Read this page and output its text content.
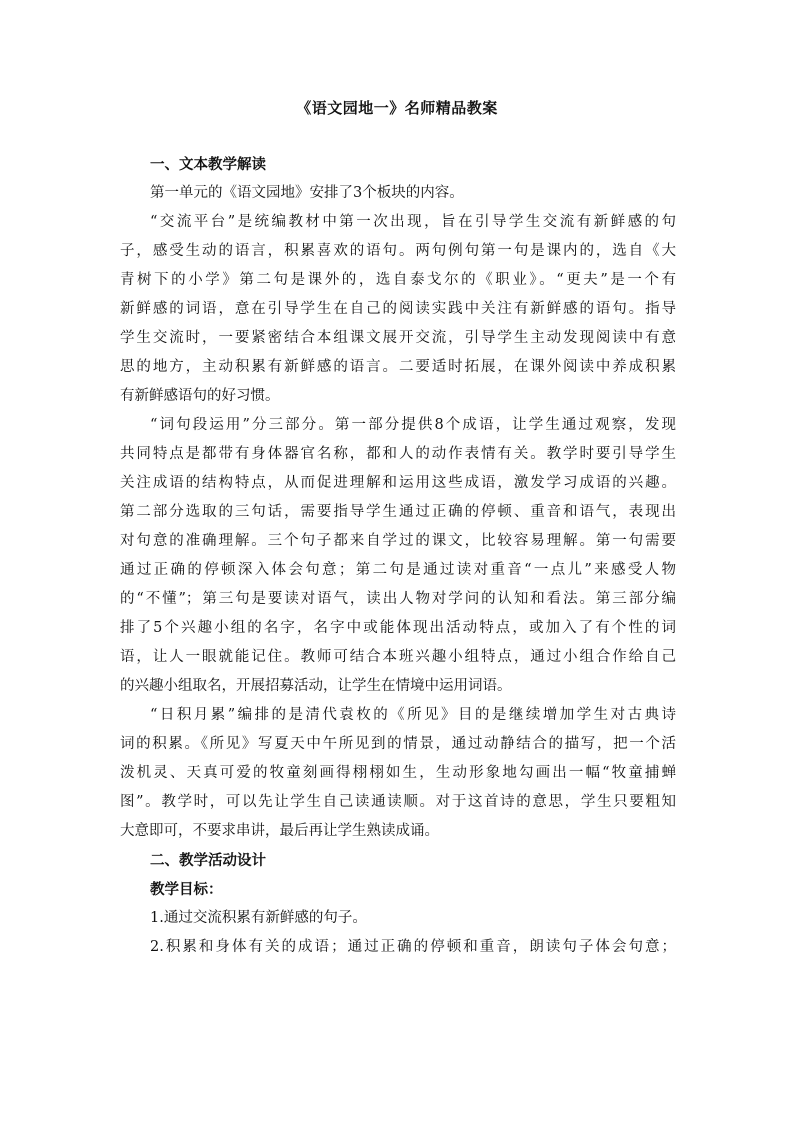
《语文园地一》名师精品教案
一、文本教学解读
第一单元的《语文园地》安排了3个板块的内容。
“交流平台”是统编教材中第一次出现，旨在引导学生交流有新鲜感的句
子，感受生动的语言，积累喜欢的语句。两句例句第一句是课内的，选自《大
青树下的小学》第二句是课外的，选自泰戈尔的《职业》。“更夫”是一个有
新鲜感的词语，意在引导学生在自己的阅读实践中关注有新鲜感的语句。指导
学生交流时，一要紧密结合本组课文展开交流，引导学生主动发现阅读中有意
思的地方，主动积累有新鲜感的语言。二要适时拓展，在课外阅读中养成积累
有新鲜感语句的好习惯。
“词句段运用”分三部分。第一部分提供8个成语，让学生通过观察，发现
共同特点是都带有身体器官名称，都和人的动作表情有关。教学时要引导学生
关注成语的结构特点，从而促进理解和运用这些成语，激发学习成语的兴趣。
第二部分选取的三句话，需要指导学生通过正确的停顿、重音和语气，表现出
对句意的准确理解。三个句子都来自学过的课文，比较容易理解。第一句需要
通过正确的停顿深入体会句意；第二句是通过读对重音“一点儿”来感受人物
的“不懂”；第三句是要读对语气，读出人物对学问的认知和看法。第三部分编
排了5个兴趣小组的名字，名字中或能体现出活动特点，或加入了有个性的词
语，让人一眼就能记住。教师可结合本班兴趣小组特点，通过小组合作给自己
的兴趣小组取名，开展招募活动，让学生在情境中运用词语。
“日积月累”编排的是清代袁枚的《所见》目的是继续增加学生对古典诗
词的积累。《所见》写夏天中午所见到的情景，通过动静结合的描写，把一个活
泼机灵、天真可爱的牧童刻画得栩栩如生，生动形象地勾画出一幅“牧童捕蝉
图”。教学时，可以先让学生自己读通读顺。对于这首诗的意思，学生只要粗知
大意即可，不要求串讲，最后再让学生熟读成诵。
二、教学活动设计
教学目标：
1.通过交流积累有新鲜感的句子。
2.积累和身体有关的成语；通过正确的停顿和重音，朗读句子体会句意；
